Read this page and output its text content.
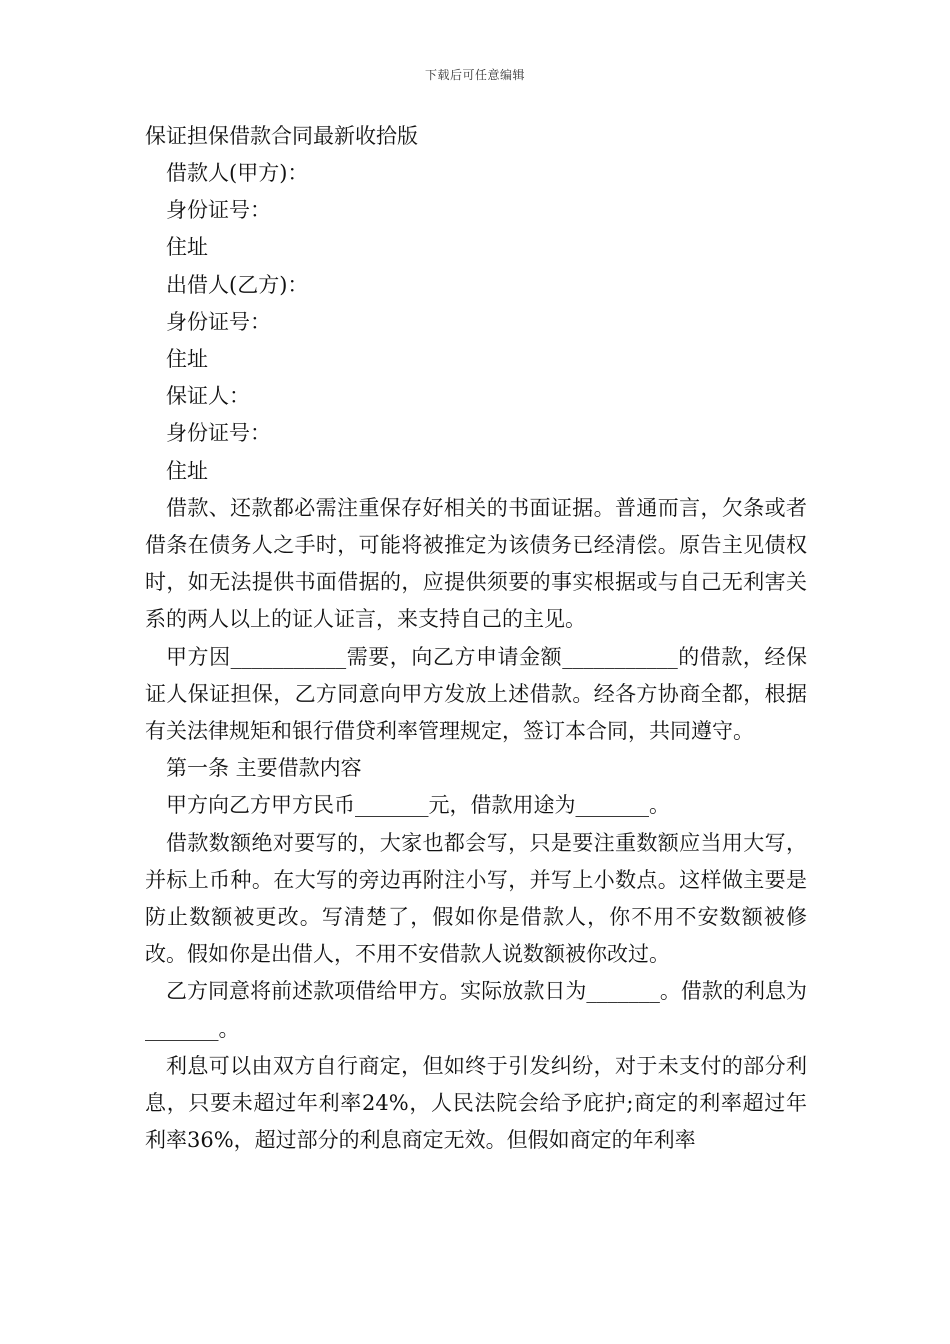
下载后可任意编辑
保证担保借款合同最新收拾版

借款人(甲方)：

身份证号：

住址

出借人(乙方)：

身份证号：

住址

保证人：

身份证号：

住址

借款、还款都必需注重保存好相关的书面证据。普通而言，欠条或者借条在债务人之手时，可能将被推定为该债务已经清偿。原告主见债权时，如无法提供书面借据的，应提供须要的事实根据或与自己无利害关系的两人以上的证人证言，来支持自己的主见。

甲方因___________需要，向乙方申请金额___________的借款，经保证人保证担保，乙方同意向甲方发放上述借款。经各方协商全都，根据有关法律规矩和银行借贷利率管理规定，签订本合同，共同遵守。

第一条 主要借款内容

甲方向乙方甲方民币_______元，借款用途为_______。

借款数额绝对要写的，大家也都会写，只是要注重数额应当用大写，并标上币种。在大写的旁边再附注小写，并写上小数点。这样做主要是防止数额被更改。写清楚了，假如你是借款人，你不用不安数额被修改。假如你是出借人，不用不安借款人说数额被你改过。

乙方同意将前述款项借给甲方。实际放款日为_______。借款的利息为_______。

利息可以由双方自行商定，但如终于引发纠纷，对于未支付的部分利息，只要未超过年利率24%，人民法院会给予庇护;商定的利率超过年利率36%，超过部分的利息商定无效。但假如商定的年利率
